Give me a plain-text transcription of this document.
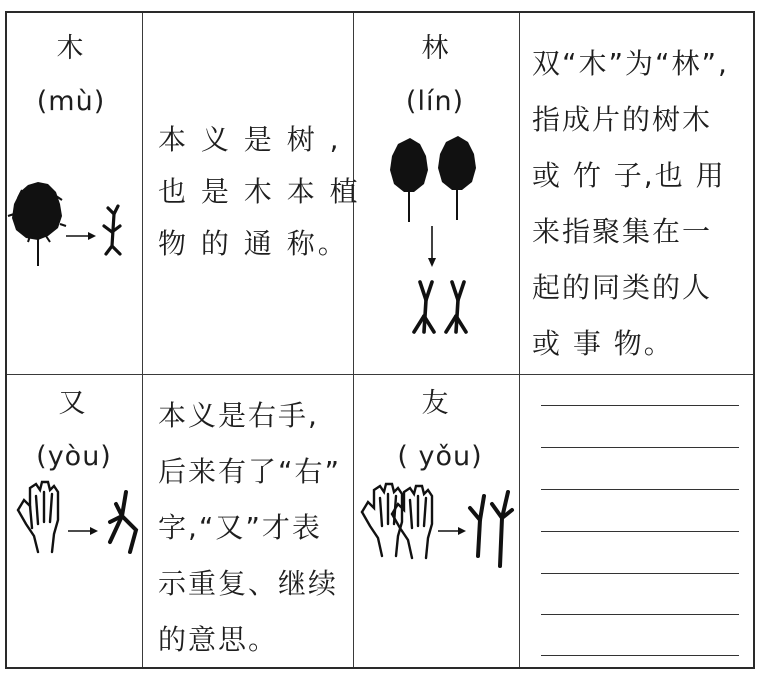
木
(mù)
本 义 是 树 ,
也 是 木 本 植
物 的 通 称。
林
(lín)
双“木”为“林”,
指成片的树木
或 竹 子,也 用
来指聚集在一
起的同类的人
或 事 物。
又
(yòu)
本义是右手,
后来有了“右”
字,“又”才表
示重复、继续
的意思。
友
( yǒu)
